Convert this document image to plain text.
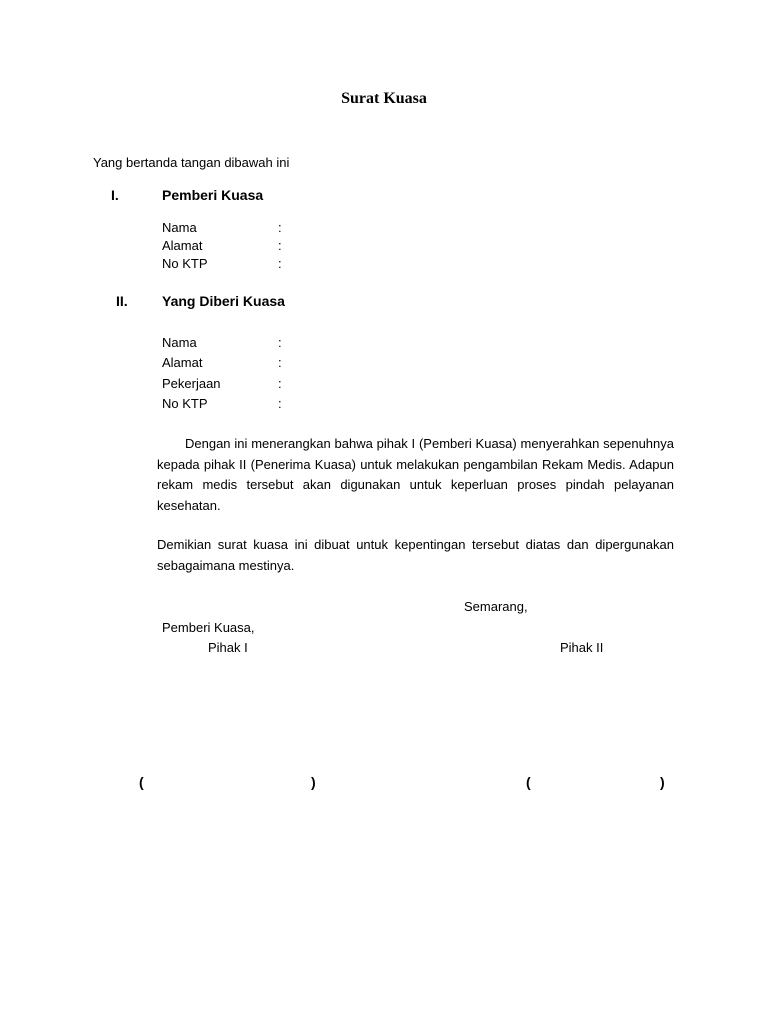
Surat Kuasa
Yang bertanda tangan dibawah ini
I.	Pemberi Kuasa
Nama	:
Alamat	:
No KTP	:
II. Yang Diberi Kuasa
Nama	:
Alamat	:
Pekerjaan	:
No KTP	:
Dengan ini menerangkan bahwa pihak I (Pemberi Kuasa) menyerahkan sepenuhnya kepada pihak II (Penerima Kuasa) untuk melakukan pengambilan Rekam Medis. Adapun rekam medis tersebut akan digunakan untuk keperluan proses pindah pelayanan kesehatan.
Demikian surat kuasa ini dibuat untuk kepentingan tersebut diatas dan dipergunakan sebagaimana mestinya.
Semarang,
Pemberi Kuasa,
Pihak I	Pihak II
(	)	(	)
